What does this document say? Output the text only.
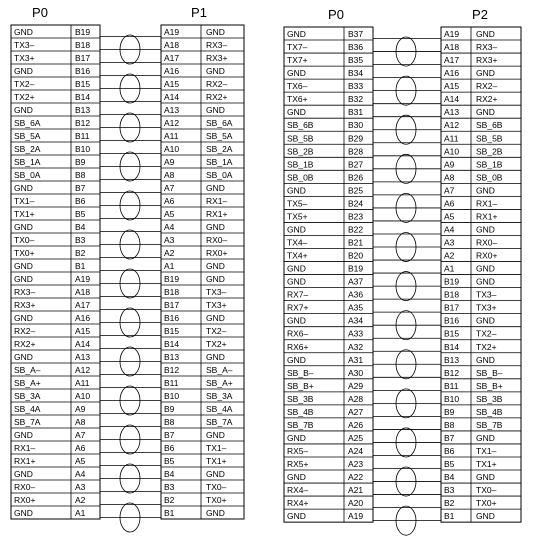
P0	P1
GND	B19	A19	GND
TX3–	B18	A18	RX3–
TX3+	B17	A17	RX3+
GND	B16	A16	GND
TX2–	B15	A15	RX2–
TX2+	B14	A14	RX2+
GND	B13	A13	GND
SB_6A	B12	A12	SB_6A
SB_5A	B11	A11	SB_5A
SB_2A	B10	A10	SB_2A
SB_1A	B9	A9	SB_1A
SB_0A	B8	A8	SB_0A
GND	B7	A7	GND
TX1–	B6	A6	RX1–
TX1+	B5	A5	RX1+
GND	B4	A4	GND
TX0–	B3	A3	RX0–
TX0+	B2	A2	RX0+
GND	B1	A1	GND
GND	A19	B19	GND
RX3–	A18	B18	TX3–
RX3+	A17	B17	TX3+
GND	A16	B16	GND
RX2–	A15	B15	TX2–
RX2+	A14	B14	TX2+
GND	A13	B13	GND
SB_A–	A12	B12	SB_A–
SB_A+	A11	B11	SB_A+
SB_3A	A10	B10	SB_3A
SB_4A	A9	B9	SB_4A
SB_7A	A8	B8	SB_7A
GND	A7	B7	GND
RX1–	A6	B6	TX1–
RX1+	A5	B5	TX1+
GND	A4	B4	GND
RX0–	A3	B3	TX0–
RX0+	A2	B2	TX0+
GND	A1	B1	GND
P0	P2
GND	B37	A19 GND
TX7–	B36	A18 RX3–
TX7+	B35	A17 RX3+
GND	B34	A16 GND
TX6–	B33	A15 RX2–
TX6+	B32	A14 RX2+
GND	B31	A13 GND
SB_6B	B30	A12 SB_6B
SB_5B	B29	A11 SB_5B
SB_2B	B28	A10 SB_2B
SB_1B	B27	A9	SB_1B
SB_0B	B26	A8	SB_0B
GND	B25	A7	GND
TX5–	B24	A6	RX1–
TX5+	B23	A5	RX1+
GND	B22	A4	GND
TX4–	B21	A3	RX0–
TX4+	B20	A2	RX0+
GND	B19	A1	GND
GND	A37	B19 GND
RX7–	A36	B18 TX3–
RX7+	A35	B17 TX3+
GND	A34	B16 GND
RX6–	A33	B15 TX2–
RX6+	A32	B14 TX2+
GND	A31	B13 GND
SB_B–	A30	B12 SB_B–
SB_B+	A29	B11 SB_B+
SB_3B	A28	B10 SB_3B
SB_4B	A27	B9	SB_4B
SB_7B	A26	B8	SB_7B
GND	A25	B7	GND
RX5–	A24	B6	TX1–
RX5+	A23	B5	TX1+
GND	A22	B4	GND
RX4–	A21	B3	TX0–
RX4+	A20	B2	TX0+
GND	A19	B1	GND
